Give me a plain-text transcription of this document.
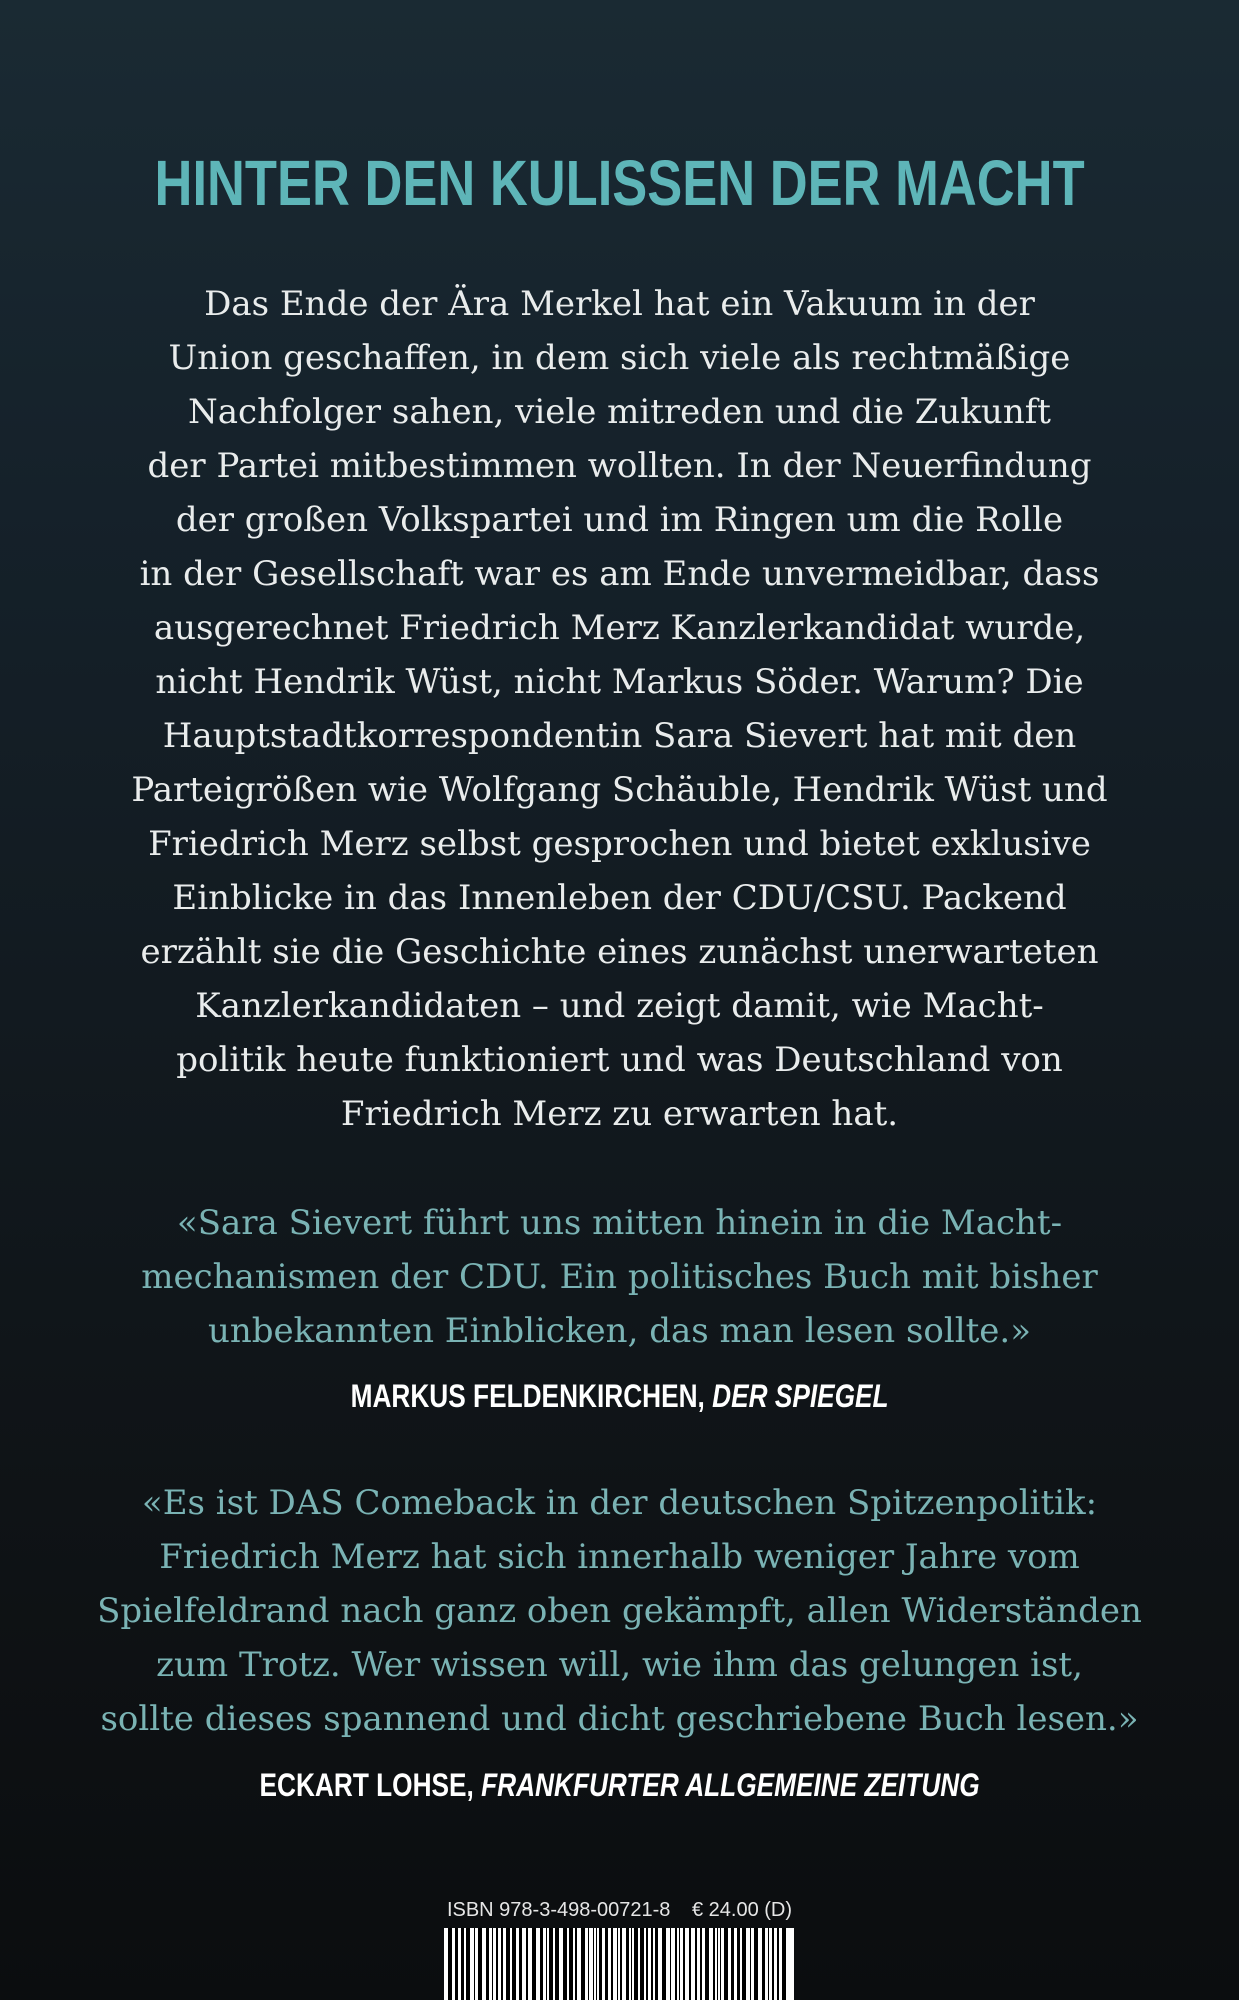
HINTER DEN KULISSEN DER MACHT
Das Ende der Ära Merkel hat ein Vakuum in der
Union geschaffen, in dem sich viele als rechtmäßige
Nachfolger sahen, viele mitreden und die Zukunft
der Partei mitbestimmen wollten. In der Neuerfindung
der großen Volkspartei und im Ringen um die Rolle
in der Gesellschaft war es am Ende unvermeidbar, dass
ausgerechnet Friedrich Merz Kanzlerkandidat wurde,
nicht Hendrik Wüst, nicht Markus Söder. Warum? Die
Hauptstadtkorrespondentin Sara Sievert hat mit den
Parteigrößen wie Wolfgang Schäuble, Hendrik Wüst und
Friedrich Merz selbst gesprochen und bietet exklusive
Einblicke in das Innenleben der CDU/CSU. Packend
erzählt sie die Geschichte eines zunächst unerwarteten
Kanzlerkandidaten – und zeigt damit, wie Macht-
politik heute funktioniert und was Deutschland von
Friedrich Merz zu erwarten hat.
«Sara Sievert führt uns mitten hinein in die Macht-
mechanismen der CDU. Ein politisches Buch mit bisher
unbekannten Einblicken, das man lesen sollte.»
MARKUS FELDENKIRCHEN, DER SPIEGEL
«Es ist DAS Comeback in der deutschen Spitzenpolitik:
Friedrich Merz hat sich innerhalb weniger Jahre vom
Spielfeldrand nach ganz oben gekämpft, allen Widerständen
zum Trotz. Wer wissen will, wie ihm das gelungen ist,
sollte dieses spannend und dicht geschriebene Buch lesen.»
ECKART LOHSE, FRANKFURTER ALLGEMEINE ZEITUNG
ISBN 978-3-498-00721-8 € 24.00 (D)
